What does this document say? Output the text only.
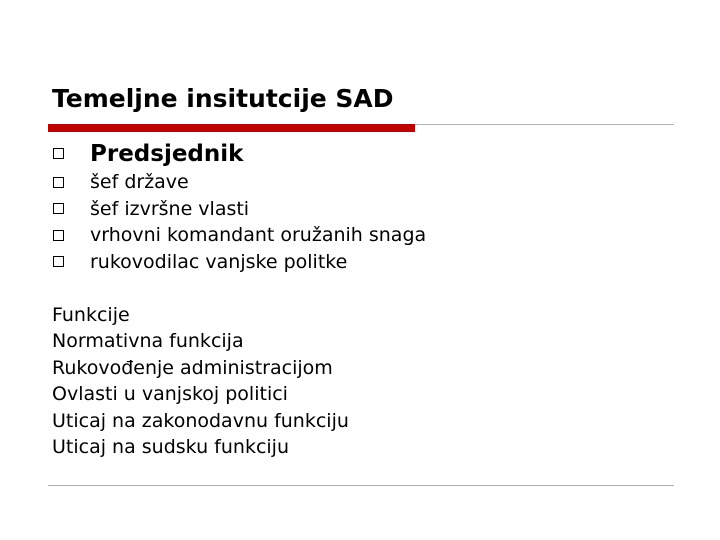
Temeljne insitutcije SAD
Predsjednik
šef države
šef izvršne vlasti
vrhovni komandant oružanih snaga
rukovodilac vanjske politke
Funkcije
Normativna funkcija
Rukovođenje administracijom
Ovlasti u vanjskoj politici
Uticaj na zakonodavnu funkciju
Uticaj na sudsku funkciju
